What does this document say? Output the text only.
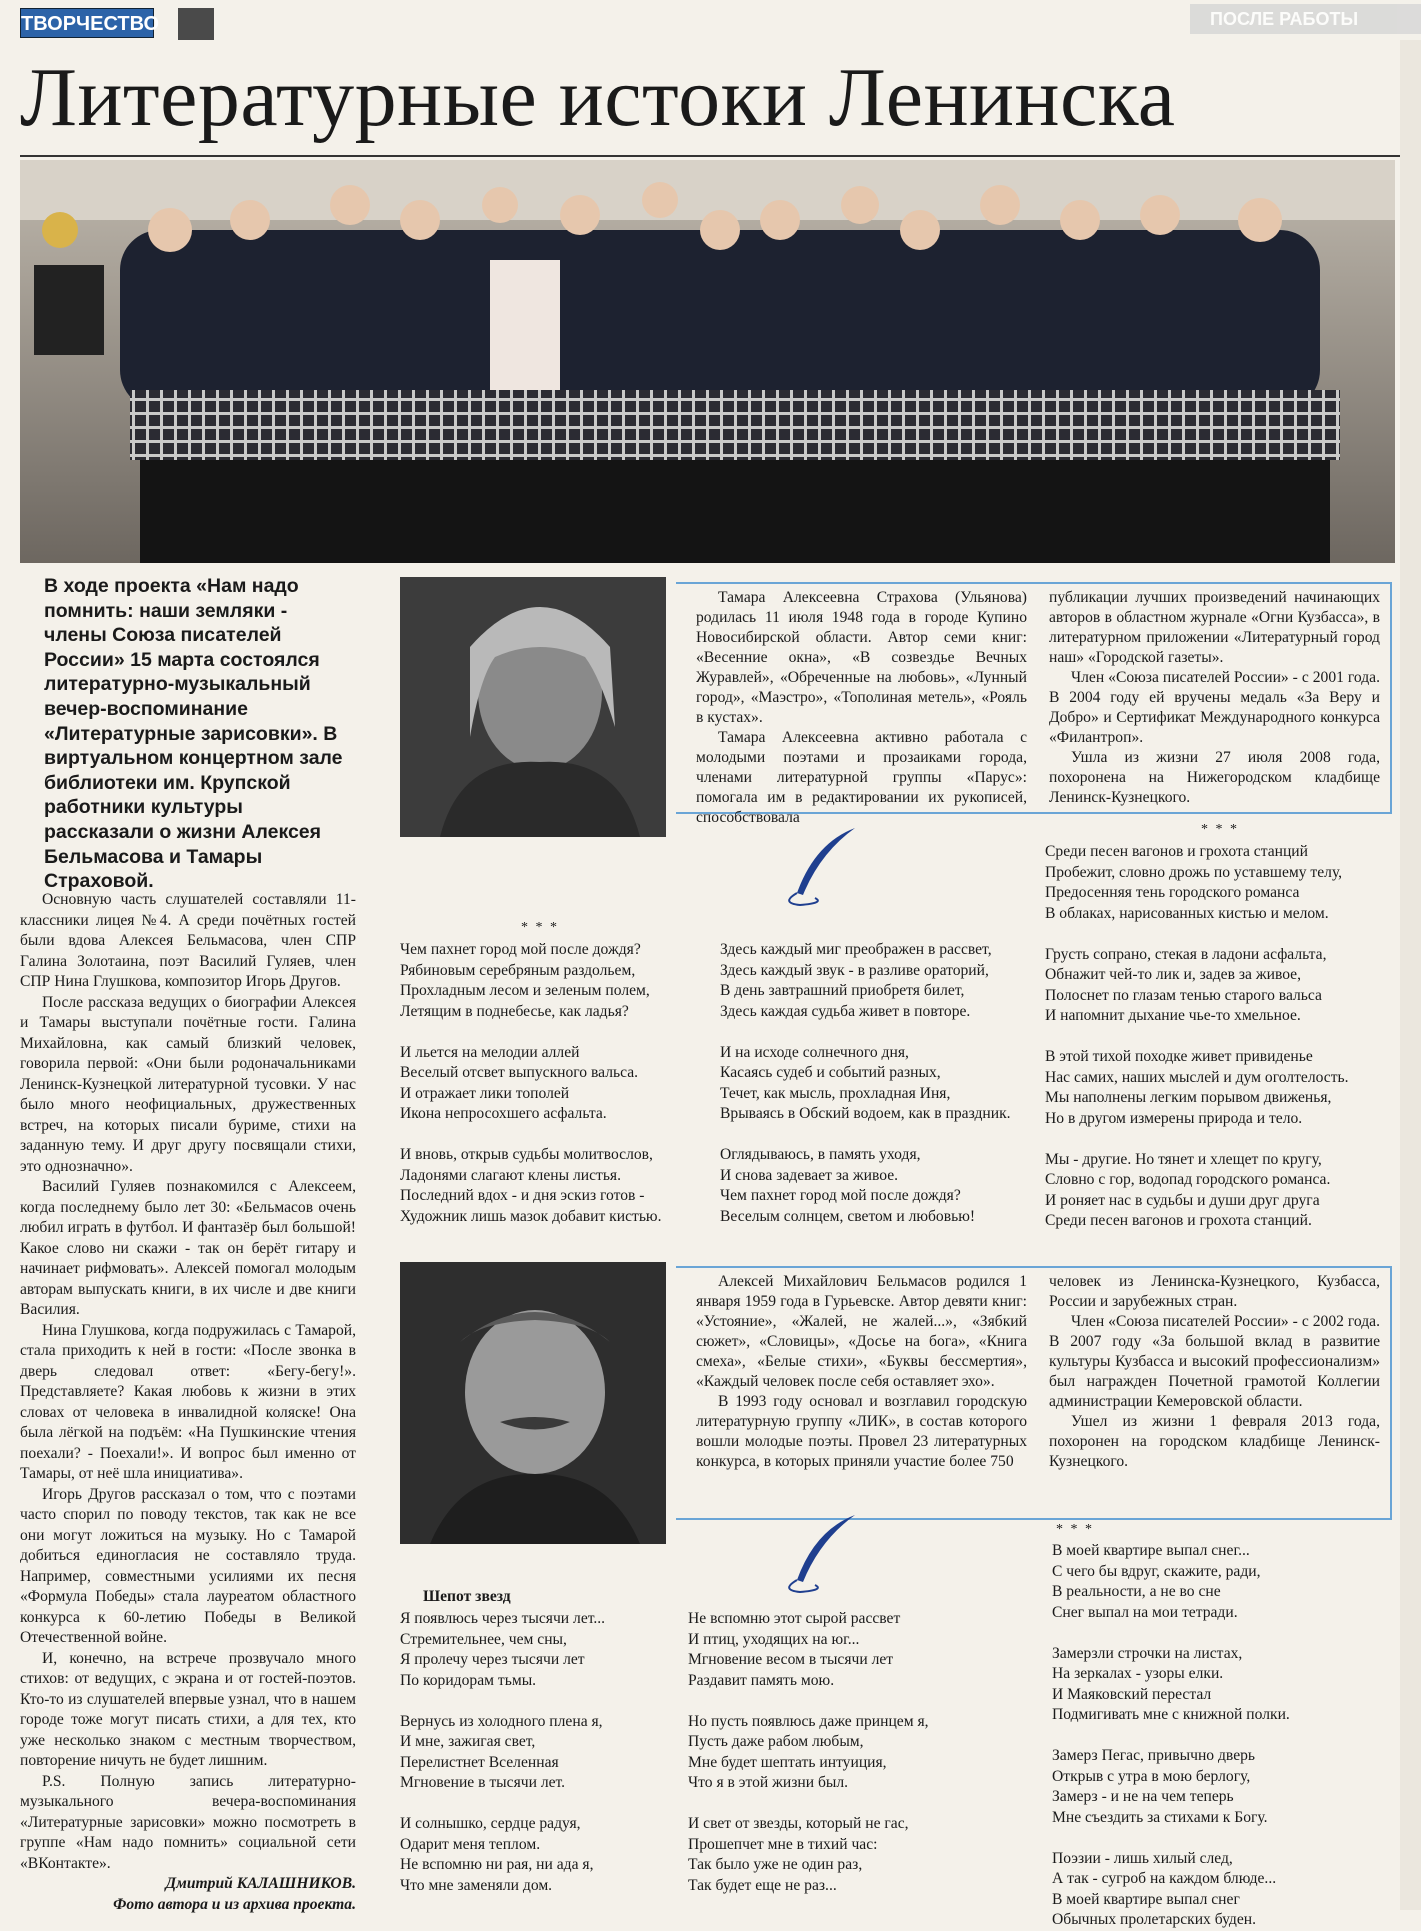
ТВОРЧЕСТВО	ПОСЛЕ РАБОТЫ
Литературные истоки Ленинска
В ходе проекта «Нам надо помнить: наши земляки - члены Союза писателей России» 15 марта состоялся литературно-музыкальный вечер-воспоминание «Литературные зарисовки». В виртуальном концертном зале библиотеки им. Крупской работники культуры рассказали о жизни Алексея Бельмасова и Тамары Страховой.

Основную часть слушателей составляли 11-классники лицея №4. А среди почётных гостей были вдова Алексея Бельмасова, член СПР Галина Золотаина, поэт Василий Гуляев, член СПР Нина Глушкова, композитор Игорь Другов.

После рассказа ведущих о биографии Алексея и Тамары выступали почётные гости. Галина Михайловна, как самый близкий человек, говорила первой: «Они были родоначальниками Ленинск-Кузнецкой литературной тусовки. У нас было много неофициальных, дружественных встреч, на которых писали буриме, стихи на заданную тему. И друг другу посвящали стихи, это однозначно».

Василий Гуляев познакомился с Алексеем, когда последнему было лет 30: «Бельмасов очень любил играть в футбол. И фантазёр был большой! Какое слово ни скажи - так он берёт гитару и начинает рифмовать». Алексей помогал молодым авторам выпускать книги, в их числе и две книги Василия.

Нина Глушкова, когда подружилась с Тамарой, стала приходить к ней в гости: «После звонка в дверь следовал ответ: «Бегу-бегу!». Представляете? Какая любовь к жизни в этих словах от человека в инвалидной коляске! Она была лёгкой на подъём: «На Пушкинские чтения поехали? - Поехали!». И вопрос был именно от Тамары, от неё шла инициатива».

Игорь Другов рассказал о том, что с поэтами часто спорил по поводу текстов, так как не все они могут ложиться на музыку. Но с Тамарой добиться единогласия не составляло труда. Например, совместными усилиями их песня «Формула Победы» стала лауреатом областного конкурса к 60-летию Победы в Великой Отечественной войне.

И, конечно, на встрече прозвучало много стихов: от ведущих, с экрана и от гостей-поэтов. Кто-то из слушателей впервые узнал, что в нашем городе тоже могут писать стихи, а для тех, кто уже несколько знаком с местным творчеством, повторение ничуть не будет лишним.

P.S. Полную запись литературно-музыкального вечера-воспоминания «Литературные зарисовки» можно посмотреть в группе «Нам надо помнить» социальной сети «ВКонтакте».

Дмитрий КАЛАШНИКОВ.

Фото автора и из архива проекта.

Тамара Алексеевна Страхова (Ульянова) родилась 11 июля 1948 года в городе Купино Новосибирской области. Автор семи книг: «Весенние окна», «В созвездье Вечных Журавлей», «Обреченные на любовь», «Лунный город», «Маэстро», «Тополиная метель», «Рояль в кустах».

Тамара Алексеевна активно работала с молодыми поэтами и прозаиками города, членами литературной группы «Парус»: помогала им в редактировании их рукописей, способствовала

публикации лучших произведений начинающих авторов в областном журнале «Огни Кузбасса», в литературном приложении «Литературный город наш» «Городской газеты».

Член «Союза писателей России» - с 2001 года. В 2004 году ей вручены медаль «За Веру и Добро» и Сертификат Международного конкурса «Филантроп».

Ушла из жизни 27 июля 2008 года, похоронена на Нижегородском кладбище Ленинск-Кузнецкого.

* * *
Чем пахнет город мой после дождя?
Рябиновым серебряным раздольем,
Прохладным лесом и зеленым полем,
Летящим в поднебесье, как ладья?

И льется на мелодии аллей
Веселый отсвет выпускного вальса.
И отражает лики тополей
Икона непросохшего асфальта.

И вновь, открыв судьбы молитвослов,
Ладонями слагают клены листья.
Последний вдох - и дня эскиз готов -
Художник лишь мазок добавит кистью.
Здесь каждый миг преображен в рассвет,
Здесь каждый звук - в разливе ораторий,
В день завтрашний приобретя билет,
Здесь каждая судьба живет в повторе.

И на исходе солнечного дня,
Касаясь судеб и событий разных,
Течет, как мысль, прохладная Иня,
Врываясь в Обский водоем, как в праздник.

Оглядываюсь, в память уходя,
И снова задевает за живое.
Чем пахнет город мой после дождя?
Веселым солнцем, светом и любовью!
* * *
Среди песен вагонов и грохота станций
Пробежит, словно дрожь по уставшему телу,
Предосенняя тень городского романса
В облаках, нарисованных кистью и мелом.

Грусть сопрано, стекая в ладони асфальта,
Обнажит чей-то лик и, задев за живое,
Полоснет по глазам тенью старого вальса
И напомнит дыхание чье-то хмельное.

В этой тихой походке живет привиденье
Нас самих, наших мыслей и дум оголтелость.
Мы наполнены легким порывом движенья,
Но в другом измерены природа и тело.

Мы - другие. Но тянет и хлещет по кругу,
Словно с гор, водопад городского романса.
И роняет нас в судьбы и души друг друга
Среди песен вагонов и грохота станций.

Алексей Михайлович Бельмасов родился 1 января 1959 года в Гурьевске. Автор девяти книг: «Устояние», «Жалей, не жалей...», «Зябкий сюжет», «Словицы», «Досье на бога», «Книга смеха», «Белые стихи», «Буквы бессмертия», «Каждый человек после себя оставляет эхо».

В 1993 году основал и возглавил городскую литературную группу «ЛИК», в состав которого вошли молодые поэты. Провел 23 литературных конкурса, в которых приняли участие более 750

человек из Ленинска-Кузнецкого, Кузбасса, России и зарубежных стран.

Член «Союза писателей России» - с 2002 года. В 2007 году «За большой вклад в развитие культуры Кузбасса и высокий профессионализм» был награжден Почетной грамотой Коллегии администрации Кемеровской области.

Ушел из жизни 1 февраля 2013 года, похоронен на городском кладбище Ленинск-Кузнецкого.

Шепот звезд
Я появлюсь через тысячи лет...
Стремительнее, чем сны,
Я пролечу через тысячи лет
По коридорам тьмы.

Вернусь из холодного плена я,
И мне, зажигая свет,
Перелистнет Вселенная
Мгновение в тысячи лет.

И солнышко, сердце радуя,
Одарит меня теплом.
Не вспомню ни рая, ни ада я,
Что мне заменяли дом.
Не вспомню этот сырой рассвет
И птиц, уходящих на юг...
Мгновение весом в тысячи лет
Раздавит память мою.

Но пусть появлюсь даже принцем я,
Пусть даже рабом любым,
Мне будет шептать интуиция,
Что я в этой жизни был.

И свет от звезды, который не гас,
Прошепчет мне в тихий час:
Так было уже не один раз,
Так будет еще не раз...
* * *
В моей квартире выпал снег...
С чего бы вдруг, скажите, ради,
В реальности, а не во сне
Снег выпал на мои тетради.

Замерзли строчки на листах,
На зеркалах - узоры елки.
И Маяковский перестал
Подмигивать мне с книжной полки.

Замерз Пегас, привычно дверь
Открыв с утра в мою берлогу,
Замерз - и не на чем теперь
Мне съездить за стихами к Богу.

Поэзии - лишь хилый след,
А так - сугроб на каждом блюде...
В моей квартире выпал снег
Обычных пролетарских буден.
